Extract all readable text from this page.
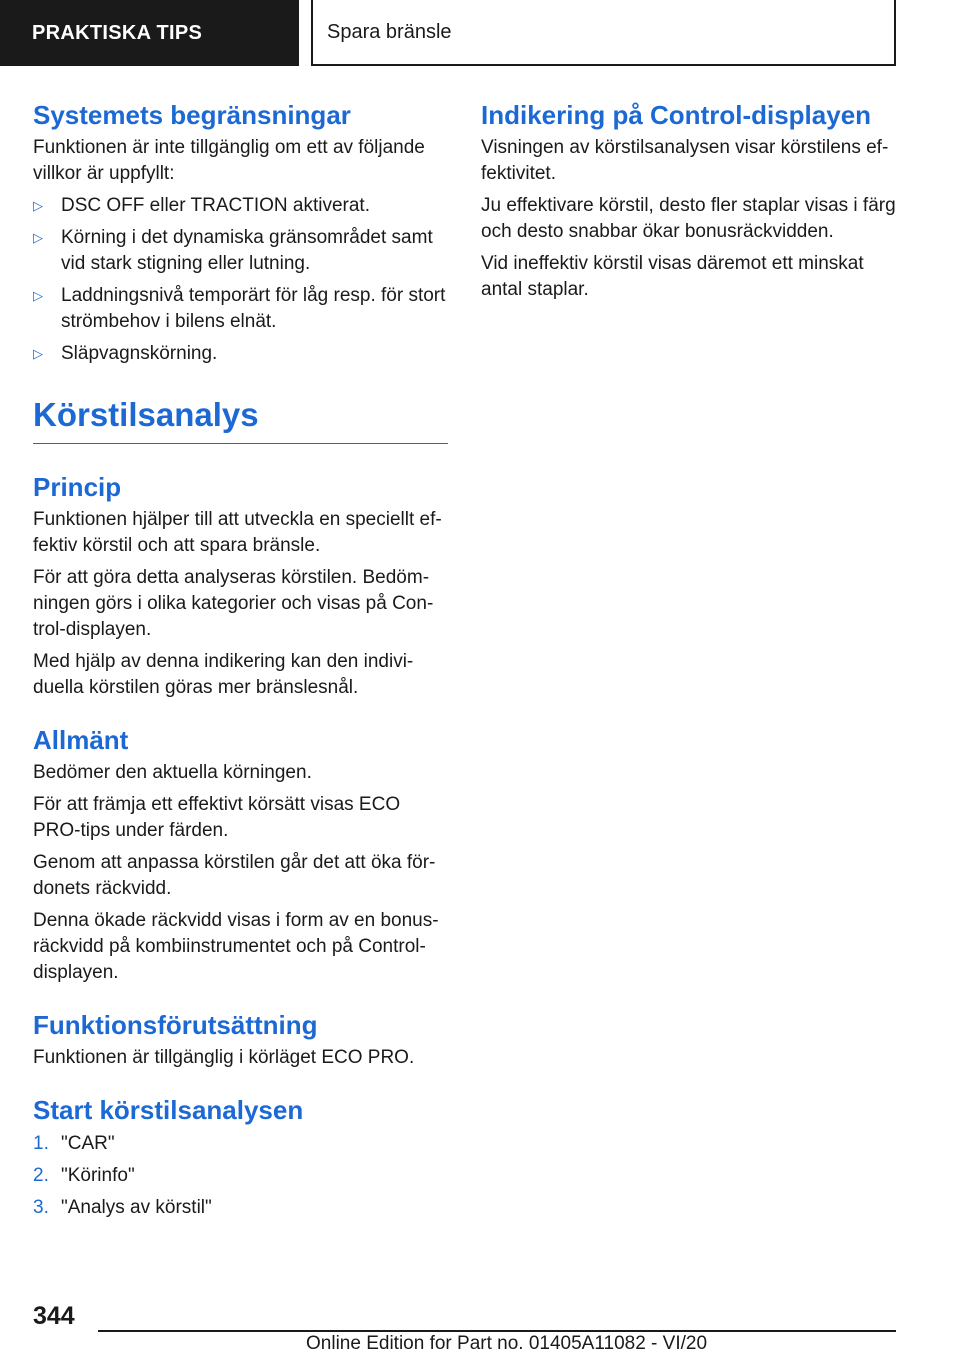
PRAKTISKA TIPS	Spara bränsle
Systemets begränsningar

Funktionen är inte tillgänglig om ett av följande villkor är uppfyllt:

▷ DSC OFF eller TRACTION aktiverat.
▷ Körning i det dynamiska gränsområdet samt vid stark stigning eller lutning.
▷ Laddningsnivå temporärt för låg resp. för stort strömbehov i bilens elnät.
▷ Släpvagnskörning.
Körstilsanalys
Princip

Funktionen hjälper till att utveckla en speciellt ef- fektiv körstil och att spara bränsle.

För att göra detta analyseras körstilen. Bedöm- ningen görs i olika kategorier och visas på Con- trol-displayen.

Med hjälp av denna indikering kan den indivi- duella körstilen göras mer bränslesnål.

Allmänt

Bedömer den aktuella körningen.

För att främja ett effektivt körsätt visas ECO PRO-tips under färden.

Genom att anpassa körstilen går det att öka för- donets räckvidd.

Denna ökade räckvidd visas i form av en bonus- räckvidd på kombiinstrumentet och på Control- displayen.

Funktionsförutsättning

Funktionen är tillgänglig i körläget ECO PRO.

Start körstilsanalysen
1. "CAR"
2. "Körinfo"
3. "Analys av körstil"
Indikering på Control-displayen

Visningen av körstilsanalysen visar körstilens ef- fektivitet.

Ju effektivare körstil, desto fler staplar visas i färg och desto snabbar ökar bonusräckvidden.

Vid ineffektiv körstil visas däremot ett minskat antal staplar.

344
Online Edition for Part no. 01405A11082 - VI/20
